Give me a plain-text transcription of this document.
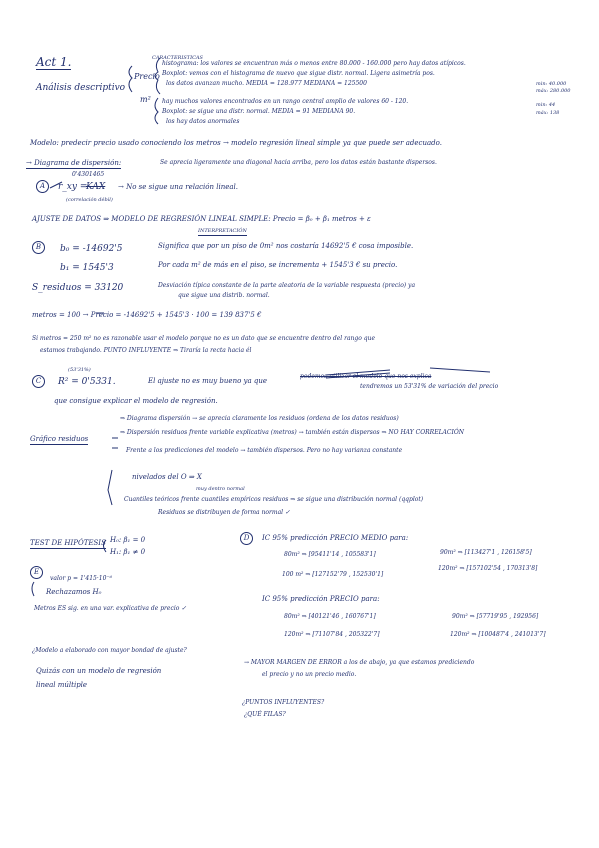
Act 1.
Análisis descriptivo
CARACTERISTICAS
Precio
m²
histograma: los valores se encuentran más o menos entre 80.000 - 160.000 pero hay datos atípicos.
Boxplot: vemos con el histograma de nuevo que sigue distr. normal. Ligera asimetría pos.
los datos avanzan mucho. MEDIA = 128.977 MEDIANA = 125500
hay muchos valores encontrados en un rango central amplio de valores 60 - 120.
Boxplot: se sigue una distr. normal. MEDIA = 91 MEDIANA 90.
los hay datos anormales
min: 40.000
máx: 280.000
min: 44
máx: 138
Modelo: predecir precio usado conociendo los metros → modelo regresión lineal simple ya que puede ser adecuado.
→ Diagrama de dispersión:	Se aprecia ligeramente una diagonal hacia arriba, pero los datos están bastante dispersos.
A
0'4301465
r_xy =
KAX → No se sigue una relación lineal.
(correlación débil)
AJUSTE DE DATOS ⇒ MODELO DE REGRESIÓN LINEAL SIMPLE: Precio = β₀ + β₁ metros + ε
INTERPRETACIÓN
B	b₀ = -14692'5	Significa que por un piso de 0m² nos costaría 14692'5 € cosa imposible.
b₁ = 1545'3	Por cada m² de más en el piso, se incrementa + 1545'3 € su precio.
S_residuos = 33120	Desviación típica constante de la parte aleatoria de la variable respuesta (precio) ya
que sigue una distrib. normal.
metros = 100 → Precio = -14692'5 + 1545'3 · 100 = 139 837'5 €
Si metros = 250 m² no es razonable usar el modelo porque no es un dato que se encuentre dentro del rango que
estamos trabajando. PUNTO INFLUYENTE ⇒ Tiraría la recta hacia él
(53'31%)
C	R² = 0'5331.	El ajuste no es muy bueno ya que
podemos utilizar el modelo que nos explica
tendremos un 53'31% de variación del precio
que consigue explicar el modelo de regresión.
Gráfico residuos
⇒ Diagrama dispersión → se aprecia claramente los residuos (ordena de los datos residuos)
⇒ Dispersión residuos frente variable explicativa (metros) → también están dispersos ⇒ NO HAY CORRELACIÓN
Frente a los predicciones del modelo → también dispersos. Pero no hay varianza constante
nivelados del O ⇒ X
muy dentro normal
Cuantiles teóricos frente cuantiles empíricos residuos ⇒ se sigue una distribución normal (qqplot)
Residuos se distribuyen de forma normal ✓
TEST DE HIPÓTESIS H₀: β₁ = 0
H₁: β₁ ≠ 0
E
valor p = 1'415·10⁻⁶
Rechazamos H₀
Metros ES sig. en una var. explicativa de precio ✓
¿Modelo a elaborado con mayor bondad de ajuste?
Quizás con un modelo de regresión
lineal múltiple
D	IC 95% predicción PRECIO MEDIO para:
80m² ⇒ [95411'14 , 105583'1]	90m² ⇒ [113427'1 , 126158'5]
100 m² ⇒ [127152'79 , 152530'1]
120m² ⇒ [157102'54 , 170313'8]
IC 95% predicción PRECIO para:
80m² ⇒ [40121'46 , 160767'1]	90m² ⇒ [57719'95 , 192956]
120m² ⇒ [71107'84 , 205322'7]	120m² ⇒ [100487'4 , 241013'7]
→ MAYOR MARGEN DE ERROR a los de abajo, ya que estamos prediciendo
el precio y no un precio medio.
¿PUNTOS INFLUYENTES?
¿QUÉ FILAS?
